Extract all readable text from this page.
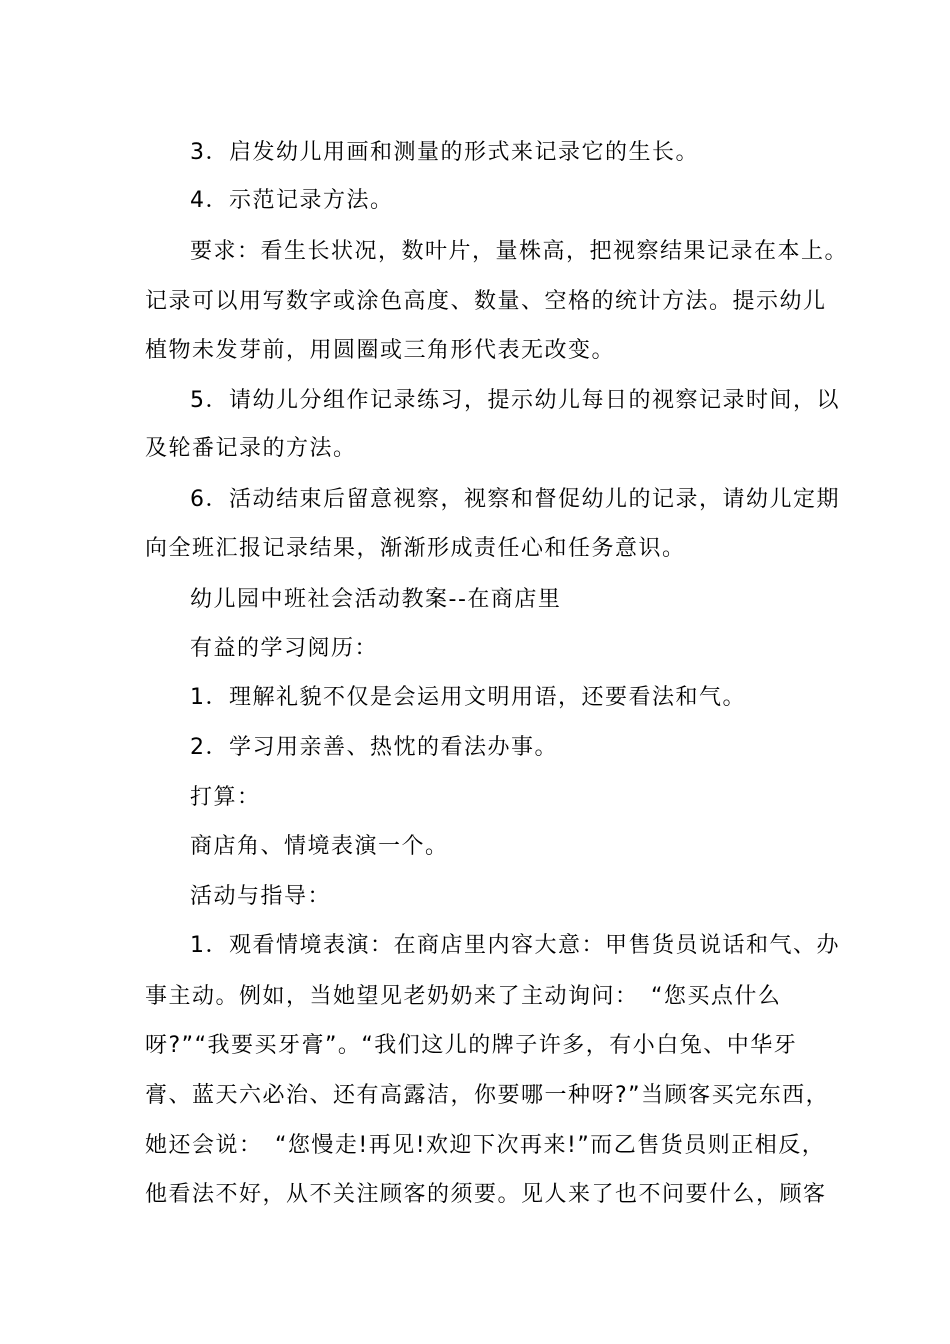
3．启发幼儿用画和测量的形式来记录它的生长。
4．示范记录方法。
要求：看生长状况，数叶片，量株高，把视察结果记录在本上。
记录可以用写数字或涂色高度、数量、空格的统计方法。提示幼儿
植物未发芽前，用圆圈或三角形代表无改变。
5．请幼儿分组作记录练习，提示幼儿每日的视察记录时间，以
及轮番记录的方法。
6．活动结束后留意视察，视察和督促幼儿的记录，请幼儿定期
向全班汇报记录结果，渐渐形成责任心和任务意识。
幼儿园中班社会活动教案--在商店里
有益的学习阅历：
1．理解礼貌不仅是会运用文明用语，还要看法和气。
2．学习用亲善、热忱的看法办事。
打算：
商店角、情境表演一个。
活动与指导：
1．观看情境表演：在商店里内容大意：甲售货员说话和气、办
事主动。例如，当她望见老奶奶来了主动询问：　“您买点什么
呀?”“我要买牙膏”。“我们这儿的牌子许多，有小白兔、中华牙
膏、蓝天六必治、还有高露洁，你要哪一种呀?”当顾客买完东西，
她还会说：　“您慢走!再见!欢迎下次再来!”而乙售货员则正相反，
他看法不好，从不关注顾客的须要。见人来了也不问要什么，顾客
